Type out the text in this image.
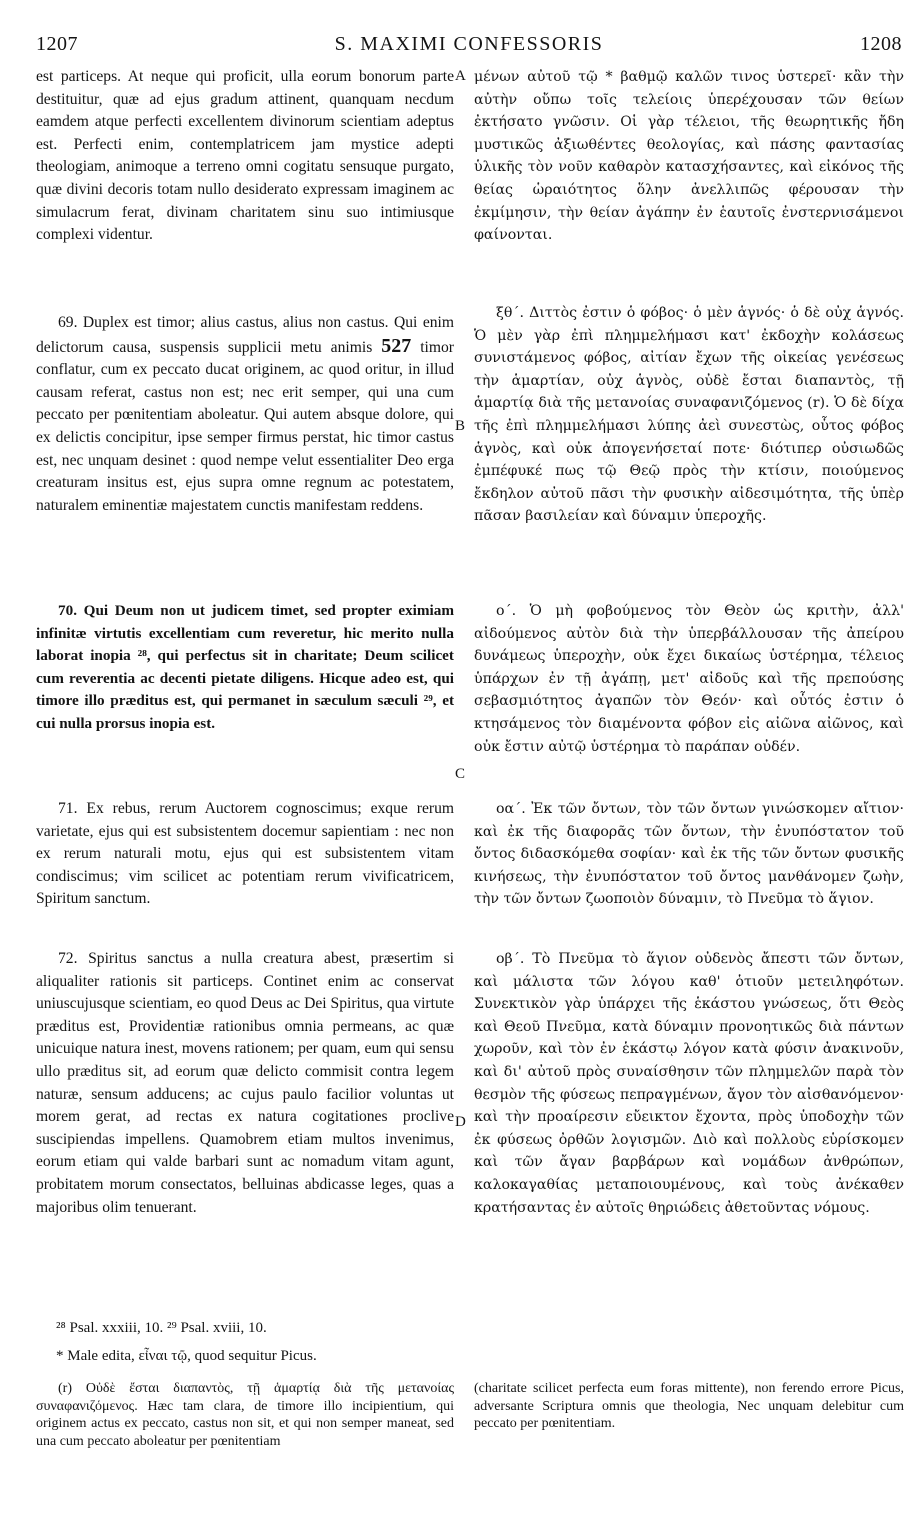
1207	S. MAXIMI CONFESSORIS	1208

est particeps. At neque qui proficit, ulla eorum bonorum parte destituitur, quæ ad ejus gradum attinent, quanquam necdum eamdem atque perfecti excellentem divinorum scientiam adeptus est. Perfecti enim, contemplatricem jam mystice adepti theologiam, animoque a terreno omni cogitatu sensuque purgato, quæ divini decoris totam nullo desiderato expressam imaginem ac simulacrum ferat, divinam charitatem sinu suo intimiusque complexi videntur.

69. Duplex est timor; alius castus, alius non castus. Qui enim delictorum causa, suspensis supplicii metu animis 527 timor conflatur, cum ex peccato ducat originem, ac quod oritur, in illud causam referat, castus non est; nec erit semper, qui una cum peccato per pœnitentiam aboleatur. Qui autem absque dolore, qui ex delictis concipitur, ipse semper firmus perstat, hic timor castus est, nec unquam desinet : quod nempe velut essentialiter Deo erga creaturam insitus est, ejus supra omne regnum ac potestatem, naturalem eminentiæ majestatem cunctis manifestam reddens.

70. Qui Deum non ut judicem timet, sed propter eximiam infinitæ virtutis excellentiam cum reveretur, hic merito nulla laborat inopia ²⁸, qui perfectus sit in charitate; Deum scilicet cum reverentia ac decenti pietate diligens. Hicque adeo est, qui timore illo præditus est, qui permanet in sæculum sæculi ²⁹, et cui nulla prorsus inopia est.

71. Ex rebus, rerum Auctorem cognoscimus; exque rerum varietate, ejus qui est subsistentem docemur sapientiam : nec non ex rerum naturali motu, ejus qui est subsistentem vitam condiscimus; vim scilicet ac potentiam rerum vivificatricem, Spiritum sanctum.

72. Spiritus sanctus a nulla creatura abest, præsertim si aliqualiter rationis sit particeps. Continet enim ac conservat uniuscujusque scientiam, eo quod Deus ac Dei Spiritus, qua virtute præditus est, Providentiæ rationibus omnia permeans, ac quæ unicuique natura inest, movens rationem; per quam, eum qui sensu ullo præditus sit, ad eorum quæ delicto commisit contra legem naturæ, sensum adducens; ac cujus paulo facilior voluntas ut morem gerat, ad rectas ex natura cogitationes proclive suscipiendas impellens. Quamobrem etiam multos invenimus, eorum etiam qui valde barbari sunt ac nomadum vitam agunt, probitatem morum consectatos, belluinas abdicasse leges, quas a majoribus olim tenuerant.

A
B
C
D

μένων αὐτοῦ τῷ * βαθμῷ καλῶν τινος ὑστερεῖ· κἂν τὴν αὐτὴν οὔπω τοῖς τελείοις ὑπερέχουσαν τῶν θείων ἐκτήσατο γνῶσιν. Οἱ γὰρ τέλειοι, τῆς θεωρητικῆς ἤδη μυστικῶς ἀξιωθέντες θεολογίας, καὶ πάσης φαντασίας ὑλικῆς τὸν νοῦν καθαρὸν κατασχήσαντες, καὶ εἰκόνος τῆς θείας ὡραιότητος ὅλην ἀνελλιπῶς φέρουσαν τὴν ἐκμίμησιν, τὴν θείαν ἀγάπην ἐν ἑαυτοῖς ἐνστερνισάμενοι φαίνονται.

ξθ΄. Διττὸς ἐστιν ὁ φόβος· ὁ μὲν ἁγνός· ὁ δὲ οὐχ ἁγνός. Ὁ μὲν γὰρ ἐπὶ πλημμελήμασι κατ' ἐκδοχὴν κολάσεως συνιστάμενος φόβος, αἰτίαν ἔχων τῆς οἰκείας γενέσεως τὴν ἁμαρτίαν, οὐχ ἁγνὸς, οὐδὲ ἔσται διαπαντὸς, τῇ ἁμαρτίᾳ διὰ τῆς μετανοίας συναφανιζόμενος (r). Ὁ δὲ δίχα τῆς ἐπὶ πλημμελήμασι λύπης ἀεὶ συνεστὼς, οὗτος φόβος ἁγνὸς, καὶ οὐκ ἀπογενήσεταί ποτε· διότιπερ οὐσιωδῶς ἐμπέφυκέ πως τῷ Θεῷ πρὸς τὴν κτίσιν, ποιούμενος ἔκδηλον αὐτοῦ πᾶσι τὴν φυσικὴν αἰδεσιμότητα, τῆς ὑπὲρ πᾶσαν βασιλείαν καὶ δύναμιν ὑπεροχῆς.

ο΄. Ὁ μὴ φοβούμενος τὸν Θεὸν ὡς κριτὴν, ἀλλ' αἰδούμενος αὐτὸν διὰ τὴν ὑπερβάλλουσαν τῆς ἀπείρου δυνάμεως ὑπεροχὴν, οὐκ ἔχει δικαίως ὑστέρημα, τέλειος ὑπάρχων ἐν τῇ ἀγάπῃ, μετ' αἰδοῦς καὶ τῆς πρεπούσης σεβασμιότητος ἀγαπῶν τὸν Θεόν· καὶ οὗτός ἐστιν ὁ κτησάμενος τὸν διαμένοντα φόβον εἰς αἰῶνα αἰῶνος, καὶ οὐκ ἔστιν αὐτῷ ὑστέρημα τὸ παράπαν οὐδέν.

οα΄. Ἐκ τῶν ὄντων, τὸν τῶν ὄντων γινώσκομεν αἴτιον· καὶ ἐκ τῆς διαφορᾶς τῶν ὄντων, τὴν ἐνυπόστατον τοῦ ὄντος διδασκόμεθα σοφίαν· καὶ ἐκ τῆς τῶν ὄντων φυσικῆς κινήσεως, τὴν ἐνυπόστατον τοῦ ὄντος μανθάνομεν ζωὴν, τὴν τῶν ὄντων ζωοποιὸν δύναμιν, τὸ Πνεῦμα τὸ ἅγιον.

οβ΄. Τὸ Πνεῦμα τὸ ἅγιον οὐδενὸς ἄπεστι τῶν ὄντων, καὶ μάλιστα τῶν λόγου καθ' ὁτιοῦν μετειληφότων. Συνεκτικὸν γὰρ ὑπάρχει τῆς ἑκάστου γνώσεως, ὅτι Θεὸς καὶ Θεοῦ Πνεῦμα, κατὰ δύναμιν προνοητικῶς διὰ πάντων χωροῦν, καὶ τὸν ἐν ἑκάστῳ λόγον κατὰ φύσιν ἀνακινοῦν, καὶ δι' αὐτοῦ πρὸς συναίσθησιν τῶν πλημμελῶν παρὰ τὸν θεσμὸν τῆς φύσεως πεπραγμένων, ἄγον τὸν αἰσθανόμενον· καὶ τὴν προαίρεσιν εὔεικτον ἔχοντα, πρὸς ὑποδοχὴν τῶν ἐκ φύσεως ὀρθῶν λογισμῶν. Διὸ καὶ πολλοὺς εὑρίσκομεν καὶ τῶν ἄγαν βαρβάρων καὶ νομάδων ἀνθρώπων, καλοκαγαθίας μεταποιουμένους, καὶ τοὺς ἀνέκαθεν κρατήσαντας ἐν αὐτοῖς θηριώδεις ἀθετοῦντας νόμους.

²⁸ Psal. xxxiii, 10. ²⁹ Psal. xviii, 10.
* Male edita, εἶναι τῷ, quod sequitur Picus.

(r) Οὐδὲ ἔσται διαπαντὸς, τῇ ἁμαρτίᾳ διὰ τῆς μετανοίας συναφανιζόμενος. Hæc tam clara, de timore illo incipientium, qui originem actus ex peccato, castus non sit, et qui non semper maneat, sed una cum peccato aboleatur per pœnitentiam

(charitate scilicet perfecta eum foras mittente), non ferendo errore Picus, adversante Scriptura omnis que theologia, Nec unquam delebitur cum peccato per pœnitentiam.
